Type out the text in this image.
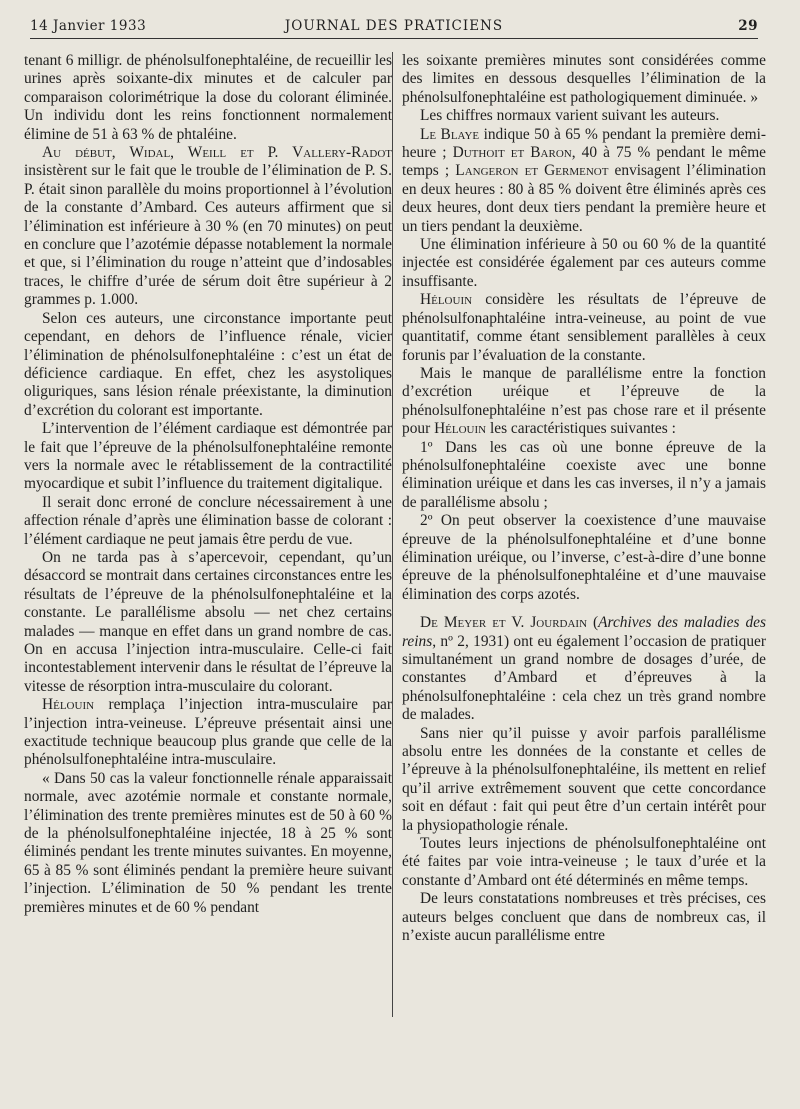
14 Janvier 1933	JOURNAL DES PRATICIENS	29

tenant 6 milligr. de phénolsulfonephtaléine, de recueillir les urines après soixante-dix minutes et de calculer par comparaison colorimétrique la dose du colorant éliminée. Un individu dont les reins fonctionnent normalement élimine de 51 à 63 % de phtaléine.

Au début, Widal, Weill et P. Vallery-Radot insistèrent sur le fait que le trouble de l’élimination de P. S. P. était sinon parallèle du moins proportionnel à l’évolution de la constante d’Ambard. Ces auteurs affirment que si l’élimination est inférieure à 30 % (en 70 minutes) on peut en conclure que l’azotémie dépasse notablement la normale et que, si l’élimination du rouge n’atteint que d’indosables traces, le chiffre d’urée de sérum doit être supérieur à 2 grammes p. 1.000.

Selon ces auteurs, une circonstance importante peut cependant, en dehors de l’influence rénale, vicier l’élimination de phénolsulfonephtaléine : c’est un état de déficience cardiaque. En effet, chez les asystoliques oliguriques, sans lésion rénale préexistante, la diminution d’excrétion du colorant est importante.

L’intervention de l’élément cardiaque est démontrée par le fait que l’épreuve de la phénolsulfonephtaléine remonte vers la normale avec le rétablissement de la contractilité myocardique et subit l’influence du traitement digitalique.

Il serait donc erroné de conclure nécessairement à une affection rénale d’après une élimination basse de colorant : l’élément cardiaque ne peut jamais être perdu de vue.

On ne tarda pas à s’apercevoir, cependant, qu’un désaccord se montrait dans certaines circonstances entre les résultats de l’épreuve de la phénolsulfonephtaléine et la constante. Le parallélisme absolu — net chez certains malades — manque en effet dans un grand nombre de cas. On en accusa l’injection intra-musculaire. Celle-ci fait incontestablement intervenir dans le résultat de l’épreuve la vitesse de résorption intra-musculaire du colorant.

Hélouin remplaça l’injection intra-musculaire par l’injection intra-veineuse. L’épreuve présentait ainsi une exactitude technique beaucoup plus grande que celle de la phénolsulfonephtaléine intra-musculaire.

« Dans 50 cas la valeur fonctionnelle rénale apparaissait normale, avec azotémie normale et constante normale, l’élimination des trente premières minutes est de 50 à 60 % de la phénolsulfonephtaléine injectée, 18 à 25 % sont éliminés pendant les trente minutes suivantes. En moyenne, 65 à 85 % sont éliminés pendant la première heure suivant l’injection. L’élimination de 50 % pendant les trente premières minutes et de 60 % pendant

les soixante premières minutes sont considérées comme des limites en dessous desquelles l’élimination de la phénolsulfonephtaléine est pathologiquement diminuée. »

Les chiffres normaux varient suivant les auteurs.

Le Blaye indique 50 à 65 % pendant la première demi-heure ; Duthoit et Baron, 40 à 75 % pendant le même temps ; Langeron et Germenot envisagent l’élimination en deux heures : 80 à 85 % doivent être éliminés après ces deux heures, dont deux tiers pendant la première heure et un tiers pendant la deuxième.

Une élimination inférieure à 50 ou 60 % de la quantité injectée est considérée également par ces auteurs comme insuffisante.

Hélouin considère les résultats de l’épreuve de phénolsulfonaphtaléine intra-veineuse, au point de vue quantitatif, comme étant sensiblement parallèles à ceux forunis par l’évaluation de la constante.

Mais le manque de parallélisme entre la fonction d’excrétion uréique et l’épreuve de la phénolsulfonephtaléine n’est pas chose rare et il présente pour Hélouin les caractéristiques suivantes :

1º Dans les cas où une bonne épreuve de la phénolsulfonephtaléine coexiste avec une bonne élimination uréique et dans les cas inverses, il n’y a jamais de parallélisme absolu ;

2º On peut observer la coexistence d’une mauvaise épreuve de la phénolsulfonephtaléine et d’une bonne élimination uréique, ou l’inverse, c’est-à-dire d’une bonne épreuve de la phénolsulfonephtaléine et d’une mauvaise élimination des corps azotés.

De Meyer et V. Jourdain (Archives des maladies des reins, nº 2, 1931) ont eu également l’occasion de pratiquer simultanément un grand nombre de dosages d’urée, de constantes d’Ambard et d’épreuves à la phénolsulfonephtaléine : cela chez un très grand nombre de malades.

Sans nier qu’il puisse y avoir parfois parallélisme absolu entre les données de la constante et celles de l’épreuve à la phénolsulfonephtaléine, ils mettent en relief qu’il arrive extrêmement souvent que cette concordance soit en défaut : fait qui peut être d’un certain intérêt pour la physiopathologie rénale.

Toutes leurs injections de phénolsulfonephtaléine ont été faites par voie intra-veineuse ; le taux d’urée et la constante d’Ambard ont été déterminés en même temps.

De leurs constatations nombreuses et très précises, ces auteurs belges concluent que dans de nombreux cas, il n’existe aucun parallélisme entre
